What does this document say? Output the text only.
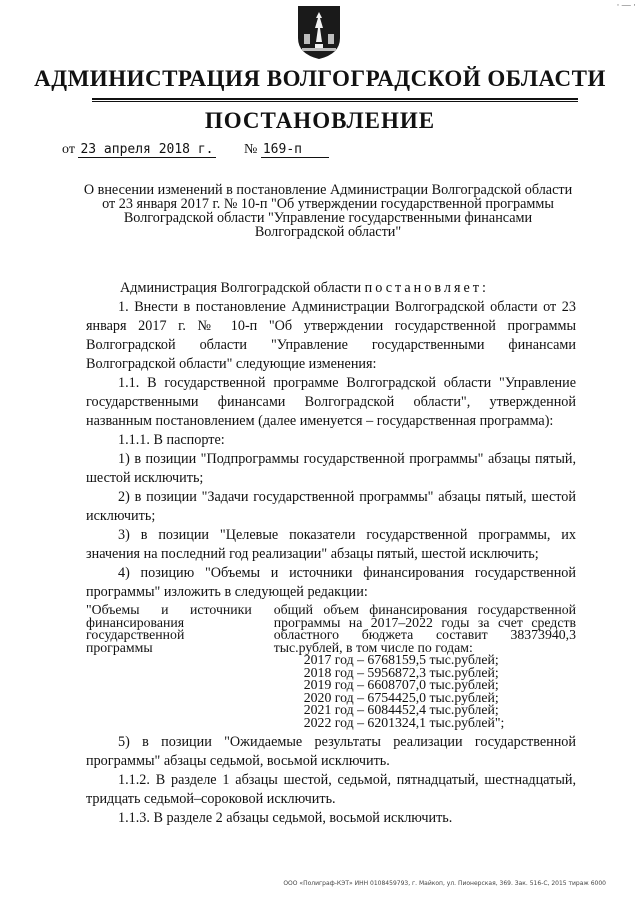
· — ·
АДМИНИСТРАЦИЯ ВОЛГОГРАДСКОЙ ОБЛАСТИ
ПОСТАНОВЛЕНИЕ
от 23 апреля 2018 г. № 169-п
О внесении изменений в постановление Администрации Волгоградской области от 23 января 2017 г. № 10-п "Об утверждении государственной программы Волгоградской области "Управление государственными финансами Волгоградской области"

Администрация Волгоградской области постановляет:

1. Внести в постановление Администрации Волгоградской области от 23 января 2017 г. № 10-п "Об утверждении государственной программы Волгоградской области "Управление государственными финансами Волгоградской области" следующие изменения:

1.1. В государственной программе Волгоградской области "Управление государственными финансами Волгоградской области", утвержденной названным постановлением (далее именуется – государственная программа):

1.1.1. В паспорте:

1) в позиции "Подпрограммы государственной программы" абзацы пятый, шестой исключить;

2) в позиции "Задачи государственной программы" абзацы пятый, шестой исключить;

3) в позиции "Целевые показатели государственной программы, их значения на последний год реализации" абзацы пятый, шестой исключить;

4) позицию "Объемы и источники финансирования государственной программы" изложить в следующей редакции:

"Объемы и источники финансирования государственной программы
общий объем финансирования государственной программы на 2017–2022 годы за счет средств областного бюджета составит 38373940,3 тыс.рублей, в том числе по годам:
2017 год – 6768159,5 тыс.рублей;
2018 год – 5956872,3 тыс.рублей;
2019 год – 6608707,0 тыс.рублей;
2020 год – 6754425,0 тыс.рублей;
2021 год – 6084452,4 тыс.рублей;
2022 год – 6201324,1 тыс.рублей";

5) в позиции "Ожидаемые результаты реализации государственной программы" абзацы седьмой, восьмой исключить.

1.1.2. В разделе 1 абзацы шестой, седьмой, пятнадцатый, шестнадцатый, тридцать седьмой–сороковой исключить.

1.1.3. В разделе 2 абзацы седьмой, восьмой исключить.

ООО «Полиграф-КЭТ» ИНН 0108459793, г. Майкоп, ул. Пионерская, 369. Зак. 516-С, 2015 тираж 6000
